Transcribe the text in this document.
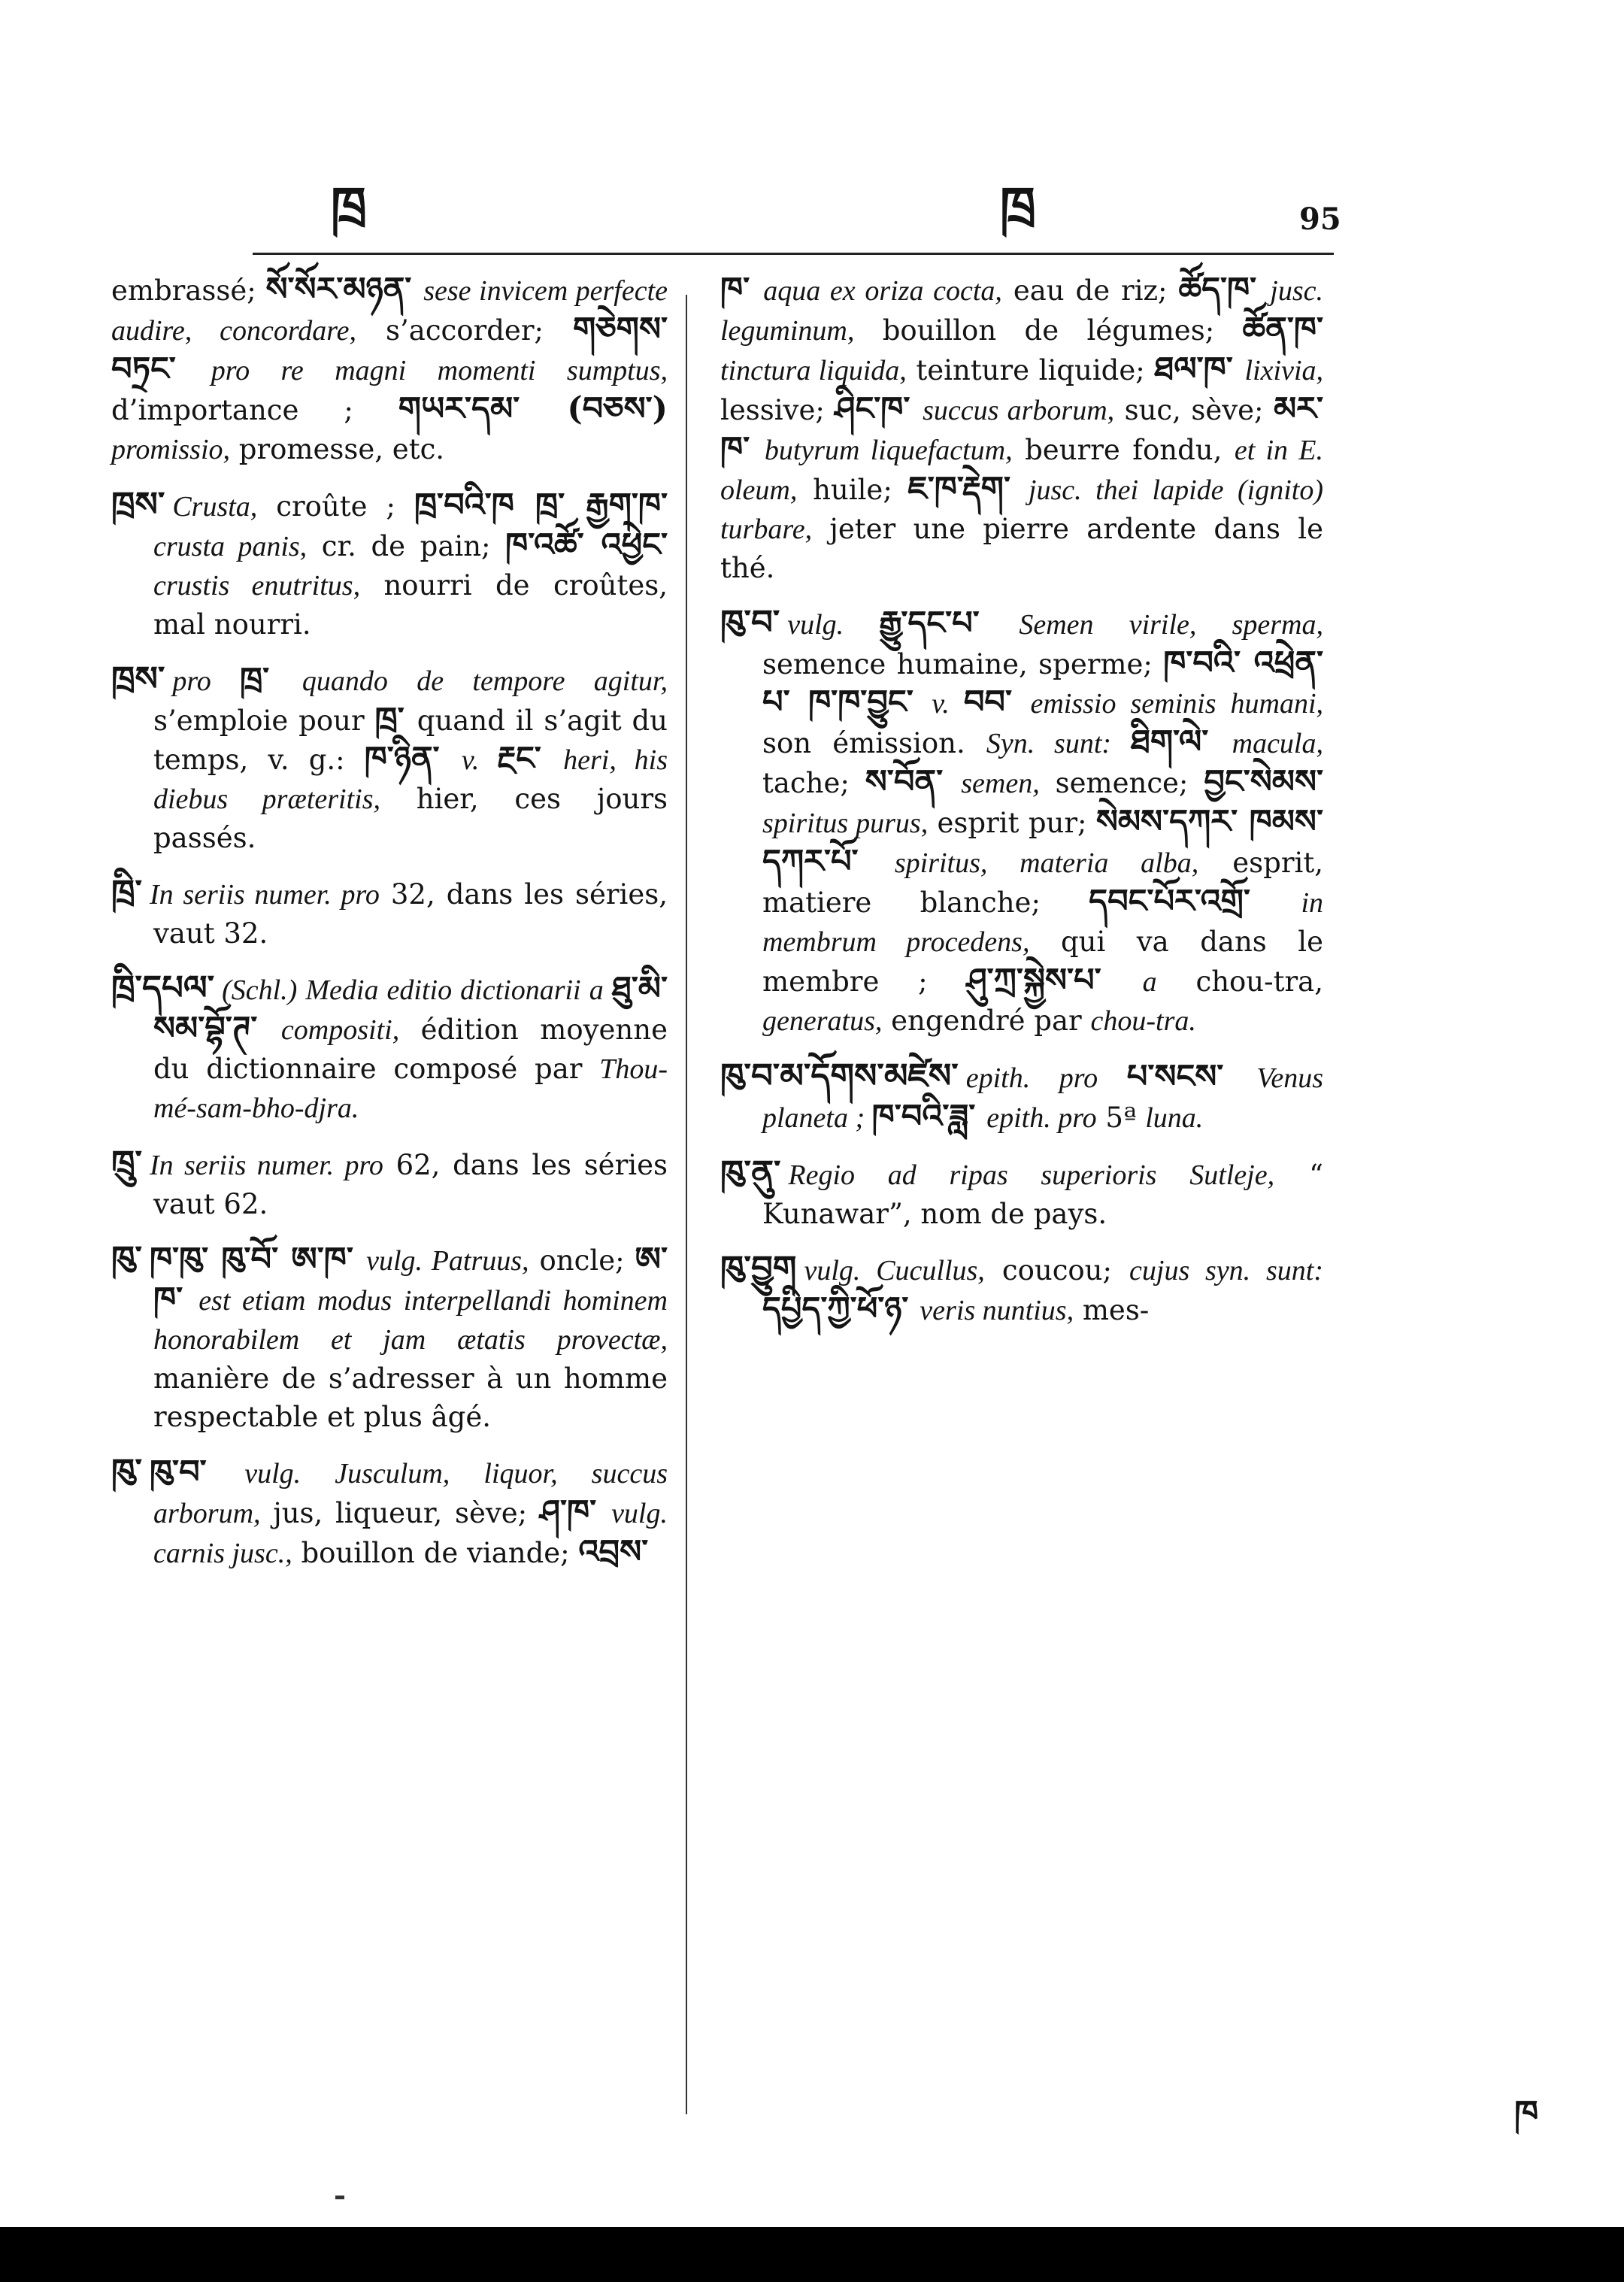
ཁྲ	ཁྲ	95
embrassé; སོ་སོར་མཉན་ sese invicem perfecte audire, concordare, s’accorder; གཅེགས་བཏྲང་ pro re magni momenti sumptus, d’importance ; གཡར་དམ་ (བཅས་) promissio, promesse, etc.
ཁྲས་ Crusta, croûte ; ཁྲ་བའི་ཁ ཁྲ་ རྒྱག་ཁ་ crusta panis, cr. de pain; ཁ་འཚོ་ འཕྱེང་ crustis enutritus, nourri de croûtes, mal nourri.
ཁྲས་ pro ཁྲ་ quando de tempore agitur, s’emploie pour ཁྲ་ quand il s’agit du temps, v. g.: ཁ་ཉིན་ v. རྔང་ heri, his diebus præteritis, hier, ces jours passés.
ཁྲི་ In seriis numer. pro 32, dans les séries, vaut 32.
ཁྲི་དཔལ་ (Schl.) Media editio dictionarii a ཐུ་མི་སམ་བྷོ་ཊ་ compositi, édition moyenne du dictionnaire composé par Thou-mé-sam-bho-djra.
ཁྲུ་ In seriis numer. pro 62, dans les séries vaut 62.
ཁུ་ ཁ་ཁུ་ ཁུ་བོ་ ཨ་ཁ་ vulg. Patruus, oncle; ཨ་ཁ་ est etiam modus interpellandi hominem honorabilem et jam ætatis provectæ, manière de s’adresser à un homme respectable et plus âgé.
ཁུ་ ཁུ་བ་ vulg. Jusculum, liquor, succus arborum, jus, liqueur, sève; ཤ་ཁ་ vulg. carnis jusc., bouillon de viande; འབྲས་
ཁ་ aqua ex oriza cocta, eau de riz; ཚོད་ཁ་ jusc. leguminum, bouillon de légumes; ཚོན་ཁ་ tinctura liquida, teinture liquide; ཐལ་ཁ་ lixivia, lessive; ཤིང་ཁ་ succus arborum, suc, sève; མར་ ཁ་ butyrum liquefactum, beurre fondu, et in E. oleum, huile; ཇ་ཁ་རྡེག་ jusc. thei lapide (ignito) turbare, jeter une pierre ardente dans le thé.
ཁུ་བ་ vulg. རྒྱུ་དང་པ་ Semen virile, sperma, semence humaine, sperme; ཁ་བའི་ འཕྲེན་པ་ ཁ་ཁ་བྱུང་ v. བབ་ emissio seminis humani, son émission. Syn. sunt: ཐིག་ལེ་ macula, tache; ས་བོན་ semen, semence; བྱང་སེམས་ spiritus purus, esprit pur; སེམས་དཀར་ ཁམས་ དཀར་པོ་ spiritus, materia alba, esprit, matiere blanche; དབང་པོར་འགྲོ་ in membrum procedens, qui va dans le membre ; ཤུ་ཀྲ་སྐྱེས་པ་ a chou-tra, generatus, engendré par chou-tra.
ཁུ་བ་མ་དོགས་མཛེས་ epith. pro པ་སངས་ Venus planeta ; ཁ་བའི་ཟླ་ epith. pro 5ª luna.
ཁུ་ནུ་ Regio ad ripas superioris Sutleje, “ Kunawar”, nom de pays.
ཁུ་བྱུག vulg. Cucullus, coucou; cujus syn. sunt: དཔྱིད་ཀྱི་ཕོ་ཉ་ veris nuntius, mes-
ཁ
